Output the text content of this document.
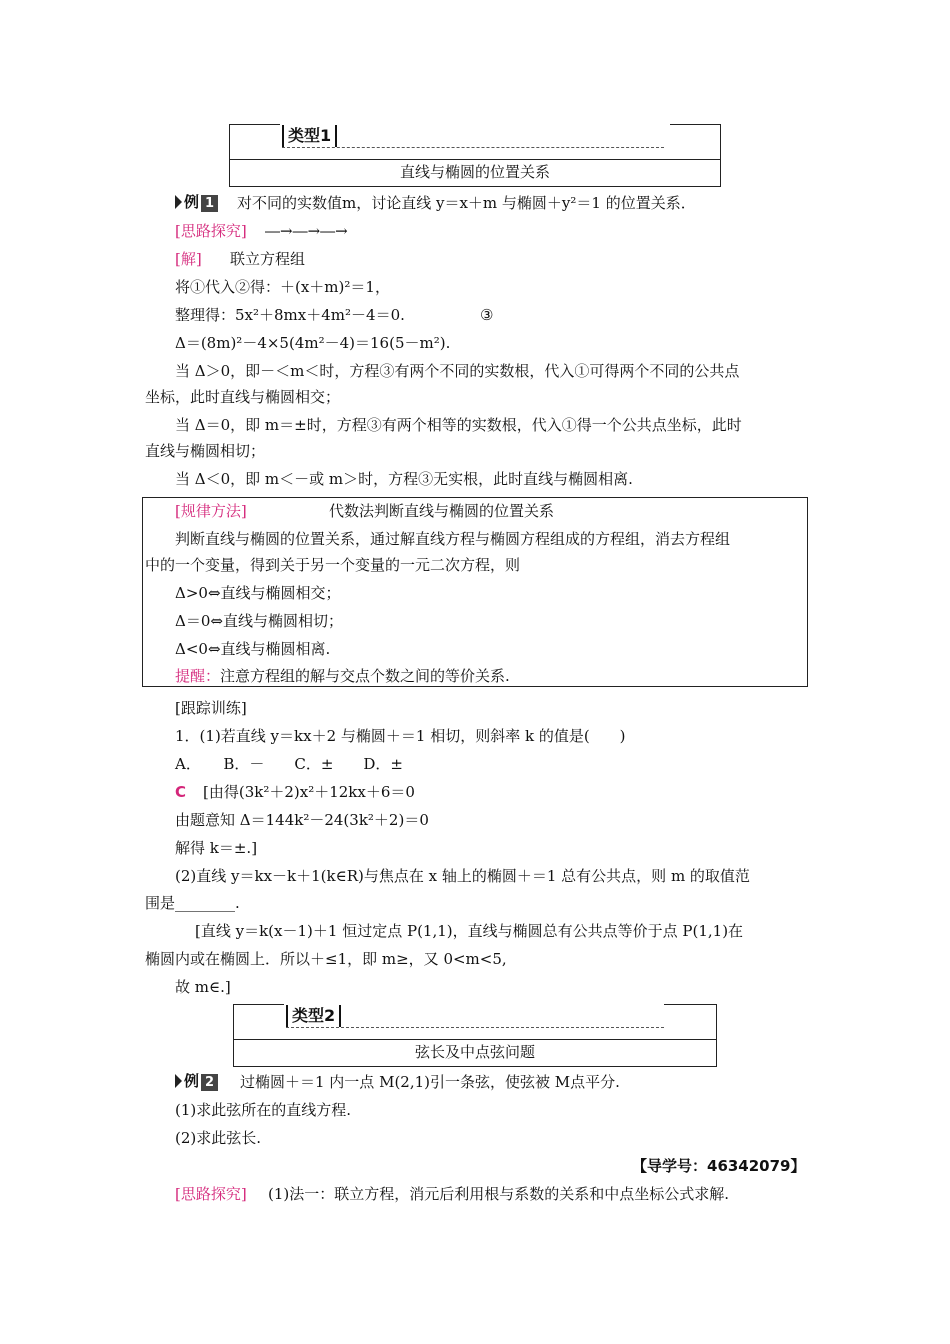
类型1
直线与椭圆的位置关系
例 1 对不同的实数值m，讨论直线 y＝x＋m 与椭圆＋y²＝1 的位置关系．
[思路探究] ―→―→―→
[解] 联立方程组
将①代入②得：＋(x＋m)²＝1，
整理得：5x²＋8mx＋4m²－4＝0.	③
Δ＝(8m)²－4×5(4m²－4)＝16(5－m²).
当 Δ＞0，即－＜m＜时，方程③有两个不同的实数根，代入①可得两个不同的公共点
坐标，此时直线与椭圆相交；
当 Δ＝0，即 m＝±时，方程③有两个相等的实数根，代入①得一个公共点坐标，此时
直线与椭圆相切；
当 Δ＜0，即 m＜－或 m＞时，方程③无实根，此时直线与椭圆相离.
[规律方法]	代数法判断直线与椭圆的位置关系
判断直线与椭圆的位置关系，通过解直线方程与椭圆方程组成的方程组，消去方程组
中的一个变量，得到关于另一个变量的一元二次方程，则
Δ>0⇔直线与椭圆相交；
Δ＝0⇔直线与椭圆相切；
Δ<0⇔直线与椭圆相离.
提醒： 注意方程组的解与交点个数之间的等价关系.
[跟踪训练]
1．(1)若直线 y＝kx＋2 与椭圆＋＝1 相切，则斜率 k 的值是(　　)
A．　　B．－　　C．±　　D．±
C [由得(3k²＋2)x²＋12kx＋6＝0
由题意知 Δ＝144k²－24(3k²＋2)＝0
解得 k＝±.]
(2)直线 y＝kx－k＋1(k∈R)与焦点在 x 轴上的椭圆＋＝1 总有公共点，则 m 的取值范
围是________.
[直线 y＝k(x－1)＋1 恒过定点 P(1,1)，直线与椭圆总有公共点等价于点 P(1,1)在
椭圆内或在椭圆上．所以＋≤1，即 m≥，又 0<m<5,
故 m∈.]
类型2
弦长及中点弦问题
例 2 过椭圆＋＝1 内一点 M(2,1)引一条弦，使弦被 M点平分.
(1)求此弦所在的直线方程.
(2)求此弦长.
【导学号：46342079】
[思路探究] (1)法一：联立方程，消元后利用根与系数的关系和中点坐标公式求解.
